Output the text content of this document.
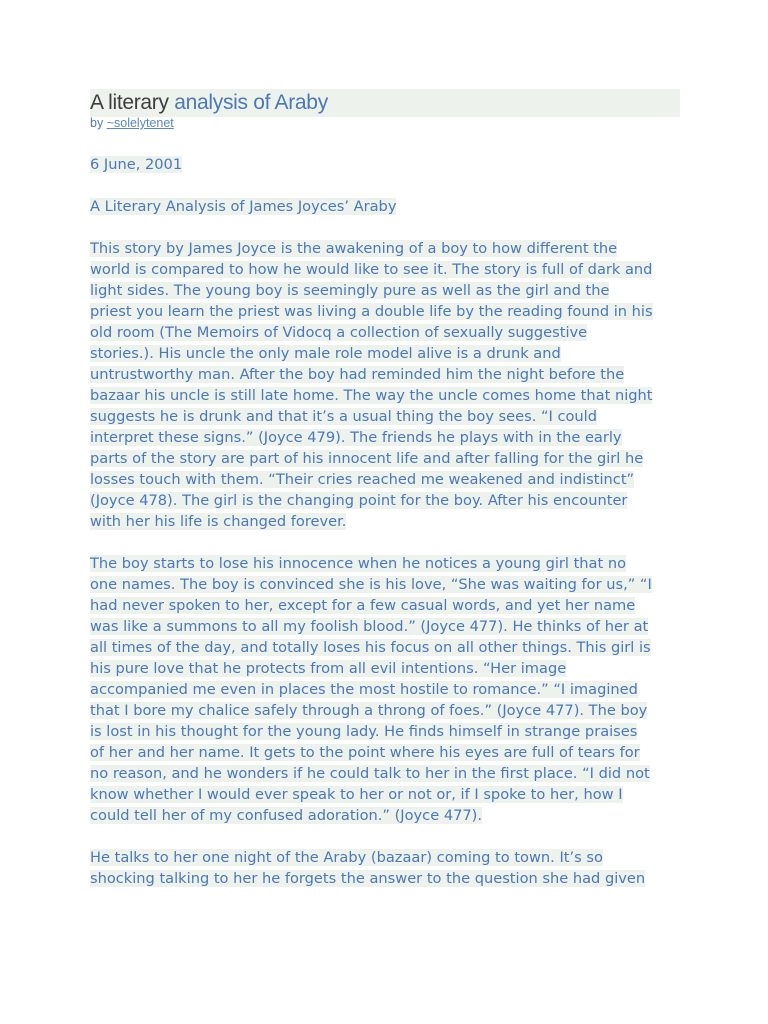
A literary analysis of Araby
by ~solelytenet
6 June, 2001
A Literary Analysis of James Joyces’ Araby
This story by James Joyce is the awakening of a boy to how different the
world is compared to how he would like to see it. The story is full of dark and
light sides. The young boy is seemingly pure as well as the girl and the
priest you learn the priest was living a double life by the reading found in his
old room (The Memoirs of Vidocq a collection of sexually suggestive
stories.). His uncle the only male role model alive is a drunk and
untrustworthy man. After the boy had reminded him the night before the
bazaar his uncle is still late home. The way the uncle comes home that night
suggests he is drunk and that it’s a usual thing the boy sees. “I could
interpret these signs.” (Joyce 479). The friends he plays with in the early
parts of the story are part of his innocent life and after falling for the girl he
losses touch with them. “Their cries reached me weakened and indistinct”
(Joyce 478). The girl is the changing point for the boy. After his encounter
with her his life is changed forever.
The boy starts to lose his innocence when he notices a young girl that no
one names. The boy is convinced she is his love, “She was waiting for us,” “I
had never spoken to her, except for a few casual words, and yet her name
was like a summons to all my foolish blood.” (Joyce 477). He thinks of her at
all times of the day, and totally loses his focus on all other things. This girl is
his pure love that he protects from all evil intentions. “Her image
accompanied me even in places the most hostile to romance.” “I imagined
that I bore my chalice safely through a throng of foes.” (Joyce 477). The boy
is lost in his thought for the young lady. He finds himself in strange praises
of her and her name. It gets to the point where his eyes are full of tears for
no reason, and he wonders if he could talk to her in the first place. “I did not
know whether I would ever speak to her or not or, if I spoke to her, how I
could tell her of my confused adoration.” (Joyce 477).
He talks to her one night of the Araby (bazaar) coming to town. It’s so
shocking talking to her he forgets the answer to the question she had given
